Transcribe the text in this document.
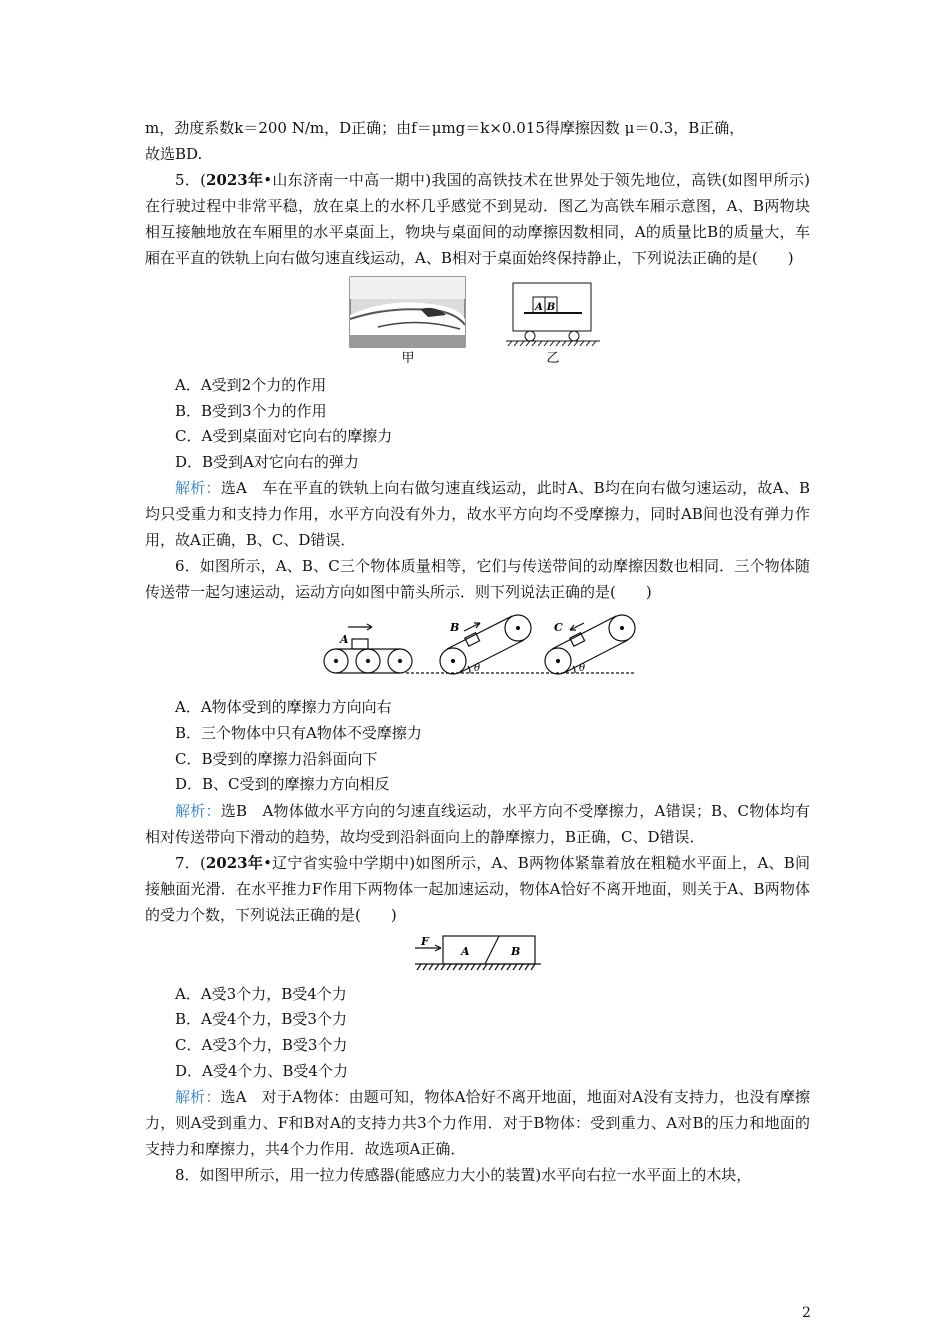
m，劲度系数k＝200 N/m，D正确；由f＝μmg＝k×0.015得摩擦因数 μ＝0.3，B正确，

故选BD.

5．(2023年•山东济南一中高一期中)我国的高铁技术在世界处于领先地位，高铁(如图甲所示)在行驶过程中非常平稳，放在桌上的水杯几乎感觉不到晃动．图乙为高铁车厢示意图，A、B两物块相互接触地放在车厢里的水平桌面上，物块与桌面间的动摩擦因数相同，A的质量比B的质量大，车厢在平直的铁轨上向右做匀速直线运动，A、B相对于桌面始终保持静止，下列说法正确的是(　　)

甲
A B
乙

A．A受到2个力的作用

B．B受到3个力的作用

C．A受到桌面对它向右的摩擦力

D．B受到A对它向右的弹力

解析：选A　车在平直的铁轨上向右做匀速直线运动，此时A、B均在向右做匀速运动，故A、B均只受重力和支持力作用，水平方向没有外力，故水平方向均不受摩擦力，同时AB间也没有弹力作用，故A正确，B、C、D错误．

6．如图所示，A、B、C三个物体质量相等，它们与传送带间的动摩擦因数也相同．三个物体随传送带一起匀速运动，运动方向如图中箭头所示．则下列说法正确的是(　　)

A
B	C
θ	θ

A．A物体受到的摩擦力方向向右

B．三个物体中只有A物体不受摩擦力

C．B受到的摩擦力沿斜面向下

D．B、C受到的摩擦力方向相反

解析：选B　A物体做水平方向的匀速直线运动，水平方向不受摩擦力，A错误；B、C物体均有相对传送带向下滑动的趋势，故均受到沿斜面向上的静摩擦力，B正确，C、D错误．

7．(2023年•辽宁省实验中学期中)如图所示，A、B两物体紧靠着放在粗糙水平面上，A、B间接触面光滑．在水平推力F作用下两物体一起加速运动，物体A恰好不离开地面，则关于A、B两物体的受力个数，下列说法正确的是(　　)

F
A	B

A．A受3个力，B受4个力

B．A受4个力，B受3个力

C．A受3个力，B受3个力

D．A受4个力、B受4个力

解析：选A　对于A物体：由题可知，物体A恰好不离开地面，地面对A没有支持力，也没有摩擦力，则A受到重力、F和B对A的支持力共3个力作用．对于B物体：受到重力、A对B的压力和地面的支持力和摩擦力，共4个力作用．故选项A正确．

8．如图甲所示，用一拉力传感器(能感应力大小的装置)水平向右拉一水平面上的木块，

2
